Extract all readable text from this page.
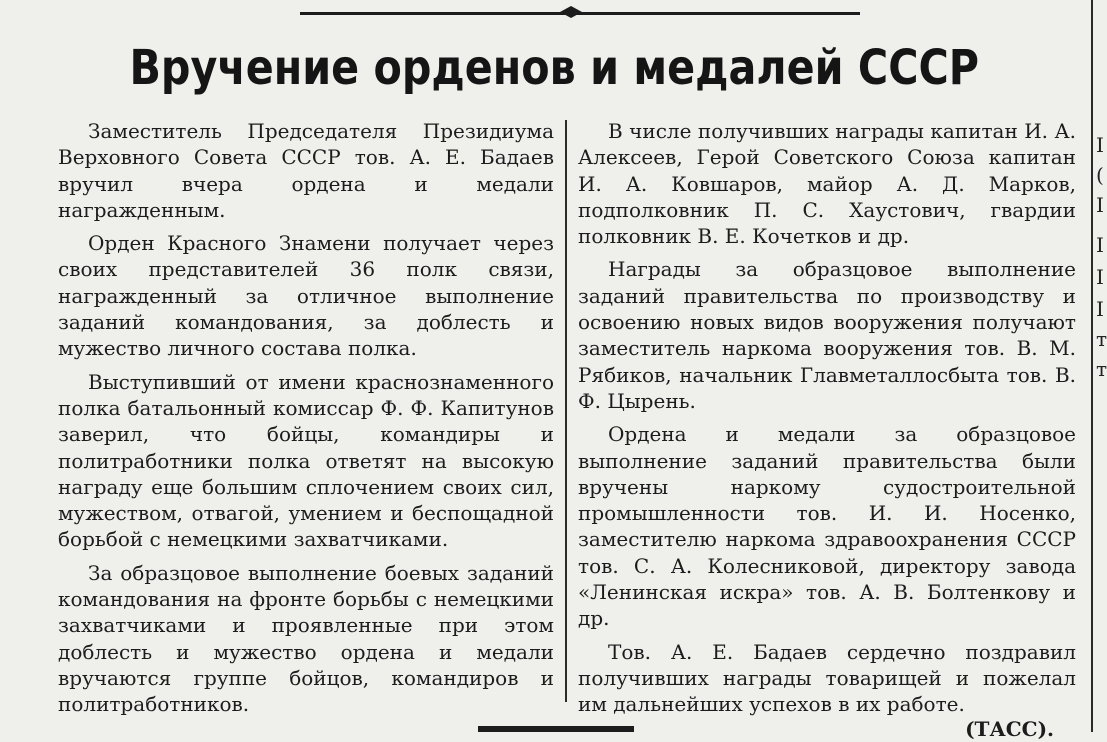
Вручение орденов и медалей СССР

Заместитель Председателя Президиума Верховного Совета СССР тов. А. Е. Бадаев вручил вчера ордена и медали награжденным.

Орден Красного Знамени получает через своих представителей 36 полк связи, награжденный за отличное выполнение заданий командования, за доблесть и мужество личного состава полка.

Выступивший от имени краснознаменного полка батальонный комиссар Ф. Ф. Капитунов заверил, что бойцы, командиры и политработники полка ответят на высокую награду еще большим сплочением своих сил, мужеством, отвагой, умением и беспощадной борьбой с немецкими захватчиками.

За образцовое выполнение боевых заданий командования на фронте борьбы с немецкими захватчиками и проявленные при этом доблесть и мужество ордена и медали вручаются группе бойцов, командиров и политработников.

В числе получивших награды капитан И. А. Алексеев, Герой Советского Союза капитан И. А. Ковшаров, майор А. Д. Марков, подполковник П. С. Хаустович, гвардии полковник В. Е. Кочетков и др.

Награды за образцовое выполнение заданий правительства по производству и освоению новых видов вооружения получают заместитель наркома вооружения тов. В. М. Рябиков, начальник Главметаллосбыта тов. В. Ф. Цырень.

Ордена и медали за образцовое выполнение заданий правительства были вручены наркому судостроительной промышленности тов. И. И. Носенко, заместителю наркома здравоохранения СССР тов. С. А. Колесниковой, директору завода «Ленинская искра» тов. А. В. Болтенкову и др.

Тов. А. Е. Бадаев сердечно поздравил получивших награды товарищей и пожелал им дальнейших успехов в их работе.

(ТАСС).
I
(
I
I
I
I
т
т
